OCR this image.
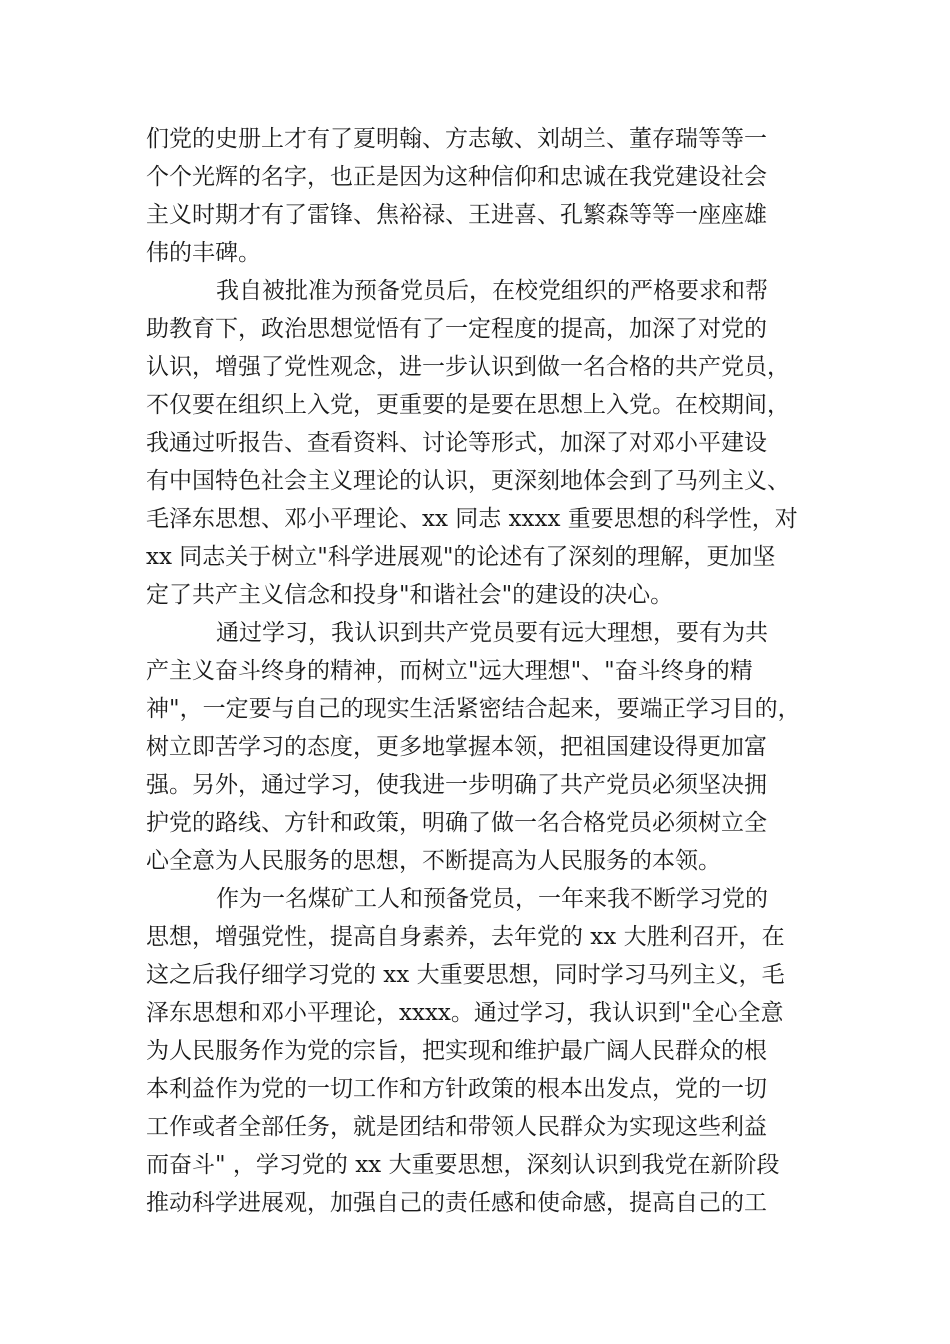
们党的史册上才有了夏明翰、方志敏、刘胡兰、董存瑞等等一
个个光辉的名字，也正是因为这种信仰和忠诚在我党建设社会
主义时期才有了雷锋、焦裕禄、王进喜、孔繁森等等一座座雄
伟的丰碑。
我自被批准为预备党员后，在校党组织的严格要求和帮
助教育下，政治思想觉悟有了一定程度的提高，加深了对党的
认识，增强了党性观念，进一步认识到做一名合格的共产党员，
不仅要在组织上入党，更重要的是要在思想上入党。在校期间，
我通过听报告、查看资料、讨论等形式，加深了对邓小平建设
有中国特色社会主义理论的认识，更深刻地体会到了马列主义、
毛泽东思想、邓小平理论、xx 同志 xxxx 重要思想的科学性，对
xx 同志关于树立"科学进展观"的论述有了深刻的理解，更加坚
定了共产主义信念和投身"和谐社会"的建设的决心。
通过学习，我认识到共产党员要有远大理想，要有为共
产主义奋斗终身的精神，而树立"远大理想"、"奋斗终身的精
神"，一定要与自己的现实生活紧密结合起来，要端正学习目的，
树立即苦学习的态度，更多地掌握本领，把祖国建设得更加富
强。另外，通过学习，使我进一步明确了共产党员必须坚决拥
护党的路线、方针和政策，明确了做一名合格党员必须树立全
心全意为人民服务的思想，不断提高为人民服务的本领。
作为一名煤矿工人和预备党员，一年来我不断学习党的
思想，增强党性，提高自身素养，去年党的 xx 大胜利召开，在
这之后我仔细学习党的 xx 大重要思想，同时学习马列主义，毛
泽东思想和邓小平理论，xxxx。通过学习，我认识到"全心全意
为人民服务作为党的宗旨，把实现和维护最广阔人民群众的根
本利益作为党的一切工作和方针政策的根本出发点，党的一切
工作或者全部任务，就是团结和带领人民群众为实现这些利益
而奋斗" ，学习党的 xx 大重要思想，深刻认识到我党在新阶段
推动科学进展观，加强自己的责任感和使命感，提高自己的工
